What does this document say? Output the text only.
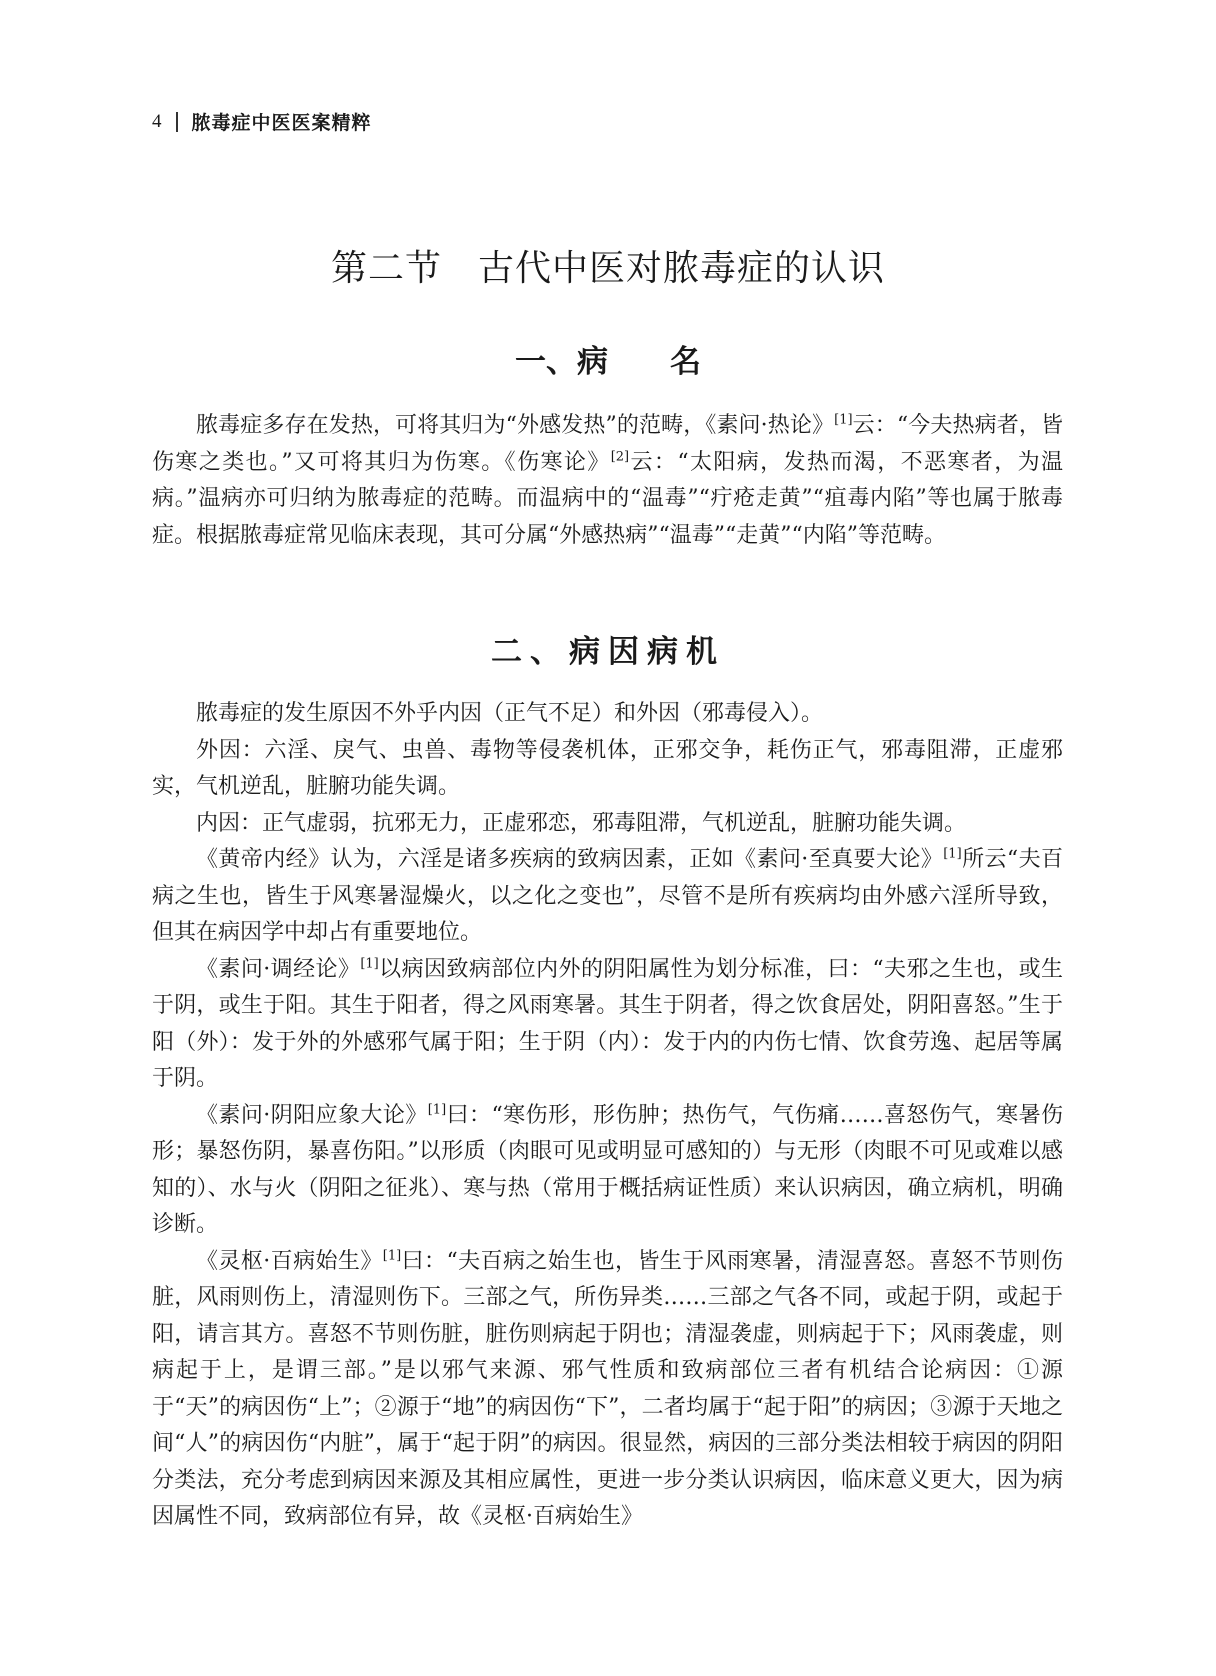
4 脓毒症中医医案精粹
第二节 古代中医对脓毒症的认识
一、病 名

脓毒症多存在发热，可将其归为“外感发热”的范畴，《素问·热论》[1]云：“今夫热病者，皆伤寒之类也。”又可将其归为伤寒。《伤寒论》[2]云：“太阳病，发热而渴，不恶寒者，为温病。”温病亦可归纳为脓毒症的范畴。而温病中的“温毒”“疔疮走黄”“疽毒内陷”等也属于脓毒症。根据脓毒症常见临床表现，其可分属“外感热病”“温毒”“走黄”“内陷”等范畴。

二、病因病机

脓毒症的发生原因不外乎内因（正气不足）和外因（邪毒侵入）。

外因：六淫、戾气、虫兽、毒物等侵袭机体，正邪交争，耗伤正气，邪毒阻滞，正虚邪实，气机逆乱，脏腑功能失调。

内因：正气虚弱，抗邪无力，正虚邪恋，邪毒阻滞，气机逆乱，脏腑功能失调。

《黄帝内经》认为，六淫是诸多疾病的致病因素，正如《素问·至真要大论》[1]所云“夫百病之生也，皆生于风寒暑湿燥火，以之化之变也”，尽管不是所有疾病均由外感六淫所导致，但其在病因学中却占有重要地位。

《素问·调经论》[1]以病因致病部位内外的阴阳属性为划分标准，曰：“夫邪之生也，或生于阴，或生于阳。其生于阳者，得之风雨寒暑。其生于阴者，得之饮食居处，阴阳喜怒。”生于阳（外）：发于外的外感邪气属于阳；生于阴（内）：发于内的内伤七情、饮食劳逸、起居等属于阴。

《素问·阴阳应象大论》[1]曰：“寒伤形，形伤肿；热伤气，气伤痛……喜怒伤气，寒暑伤形；暴怒伤阴，暴喜伤阳。”以形质（肉眼可见或明显可感知的）与无形（肉眼不可见或难以感知的）、水与火（阴阳之征兆）、寒与热（常用于概括病证性质）来认识病因，确立病机，明确诊断。

《灵枢·百病始生》[1]曰：“夫百病之始生也，皆生于风雨寒暑，清湿喜怒。喜怒不节则伤脏，风雨则伤上，清湿则伤下。三部之气，所伤异类……三部之气各不同，或起于阴，或起于阳，请言其方。喜怒不节则伤脏，脏伤则病起于阴也；清湿袭虚，则病起于下；风雨袭虚，则病起于上，是谓三部。”是以邪气来源、邪气性质和致病部位三者有机结合论病因：①源于“天”的病因伤“上”；②源于“地”的病因伤“下”，二者均属于“起于阳”的病因；③源于天地之间“人”的病因伤“内脏”，属于“起于阴”的病因。很显然，病因的三部分类法相较于病因的阴阳分类法，充分考虑到病因来源及其相应属性，更进一步分类认识病因，临床意义更大，因为病因属性不同，致病部位有异，故《灵枢·百病始生》
